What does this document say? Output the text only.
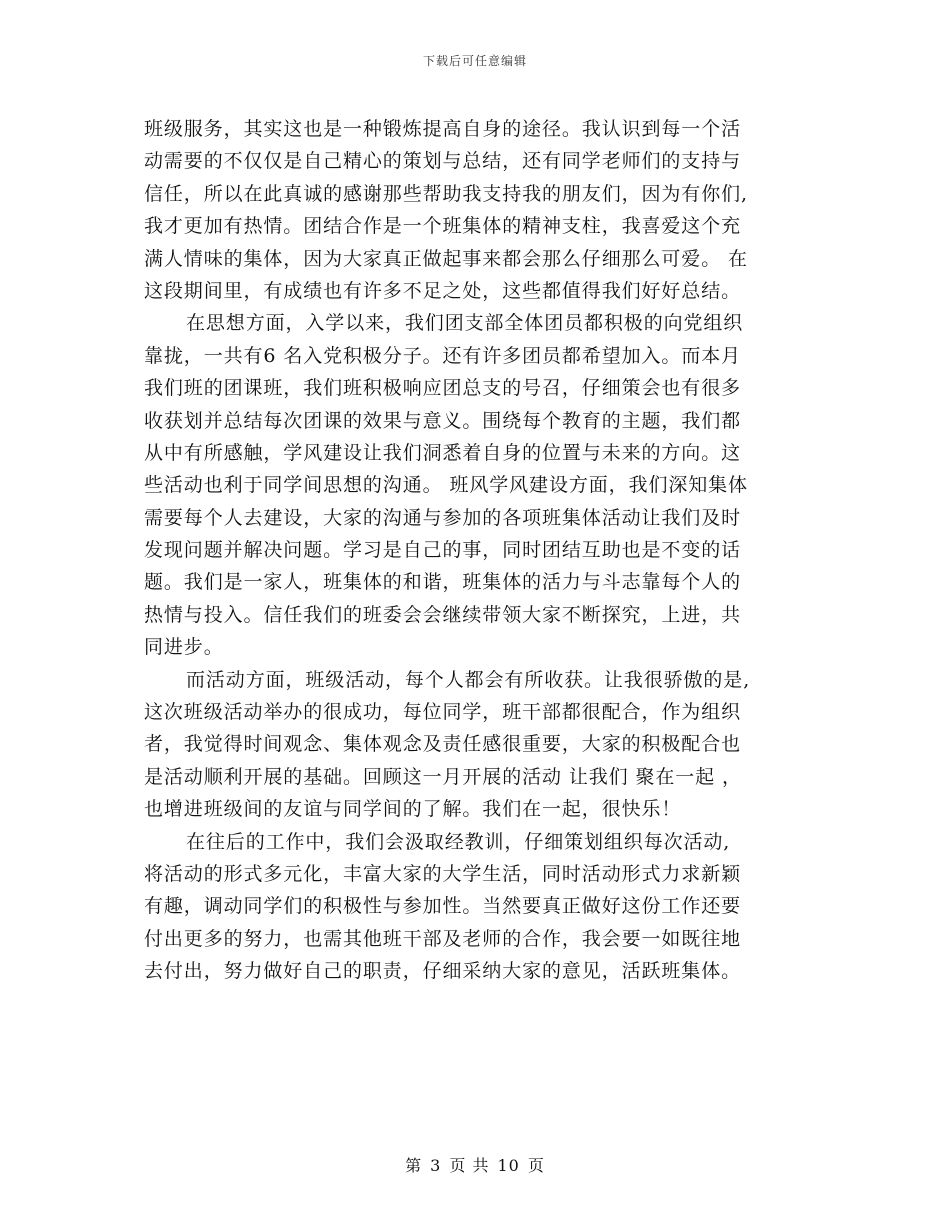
下载后可任意编辑
班级服务，其实这也是一种锻炼提高自身的途径。我认识到每一个活
动需要的不仅仅是自己精心的策划与总结，还有同学老师们的支持与
信任，所以在此真诚的感谢那些帮助我支持我的朋友们，因为有你们,
我才更加有热情。团结合作是一个班集体的精神支柱，我喜爱这个充
满人情味的集体，因为大家真正做起事来都会那么仔细那么可爱。 在
这段期间里，有成绩也有许多不足之处，这些都值得我们好好总结。
在思想方面，入学以来，我们团支部全体团员都积极的向党组织
靠拢，一共有6 名入党积极分子。还有许多团员都希望加入。而本月
我们班的团课班，我们班积极响应团总支的号召，仔细策会也有很多
收获划并总结每次团课的效果与意义。围绕每个教育的主题，我们都
从中有所感触，学风建设让我们洞悉着自身的位置与未来的方向。这
些活动也利于同学间思想的沟通。 班风学风建设方面，我们深知集体
需要每个人去建设，大家的沟通与参加的各项班集体活动让我们及时
发现问题并解决问题。学习是自己的事，同时团结互助也是不变的话
题。我们是一家人，班集体的和谐，班集体的活力与斗志靠每个人的
热情与投入。信任我们的班委会会继续带领大家不断探究，上进，共
同进步。
而活动方面，班级活动，每个人都会有所收获。让我很骄傲的是,
这次班级活动举办的很成功，每位同学，班干部都很配合，作为组织
者，我觉得时间观念、集体观念及责任感很重要，大家的积极配合也
是活动顺利开展的基础。回顾这一月开展的活动 让我们 聚在一起 ，
也增进班级间的友谊与同学间的了解。我们在一起，很快乐！
在往后的工作中，我们会汲取经教训，仔细策划组织每次活动,
将活动的形式多元化，丰富大家的大学生活，同时活动形式力求新颖
有趣，调动同学们的积极性与参加性。当然要真正做好这份工作还要
付出更多的努力，也需其他班干部及老师的合作，我会要一如既往地
去付出，努力做好自己的职责，仔细采纳大家的意见，活跃班集体。
第 3 页 共 10 页
